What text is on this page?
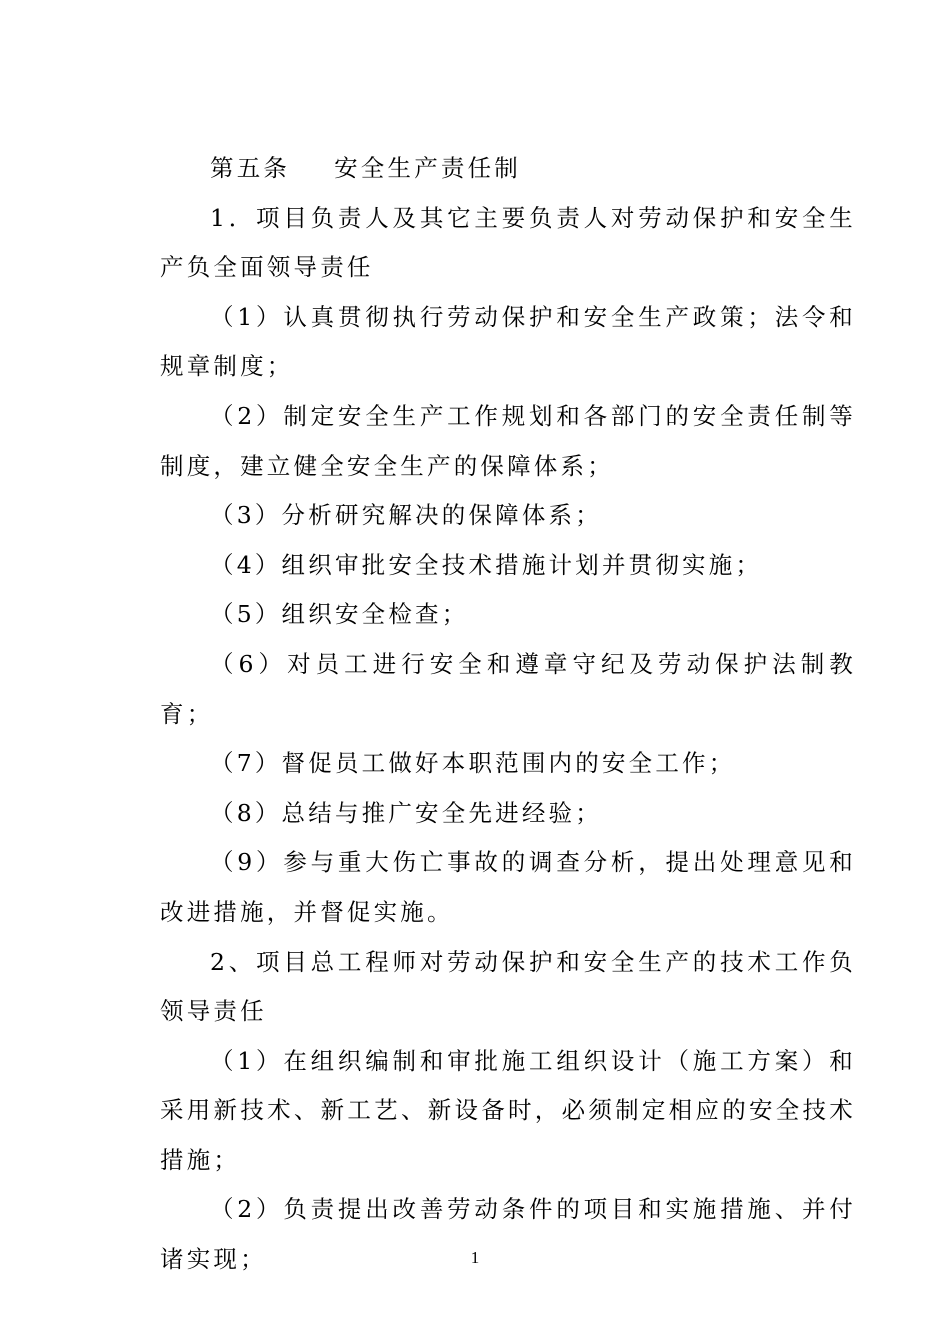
第五条 安全生产责任制

1．项目负责人及其它主要负责人对劳动保护和安全生产负全面领导责任

（1）认真贯彻执行劳动保护和安全生产政策；法令和规章制度；

（2）制定安全生产工作规划和各部门的安全责任制等制度，建立健全安全生产的保障体系；

（3）分析研究解决的保障体系；

（4）组织审批安全技术措施计划并贯彻实施；

（5）组织安全检查；

（6）对员工进行安全和遵章守纪及劳动保护法制教育；

（7）督促员工做好本职范围内的安全工作；

（8）总结与推广安全先进经验；

（9）参与重大伤亡事故的调查分析，提出处理意见和改进措施，并督促实施。

2、项目总工程师对劳动保护和安全生产的技术工作负领导责任

（1）在组织编制和审批施工组织设计（施工方案）和采用新技术、新工艺、新设备时，必须制定相应的安全技术措施；

（2）负责提出改善劳动条件的项目和实施措施、并付诸实现；	1
